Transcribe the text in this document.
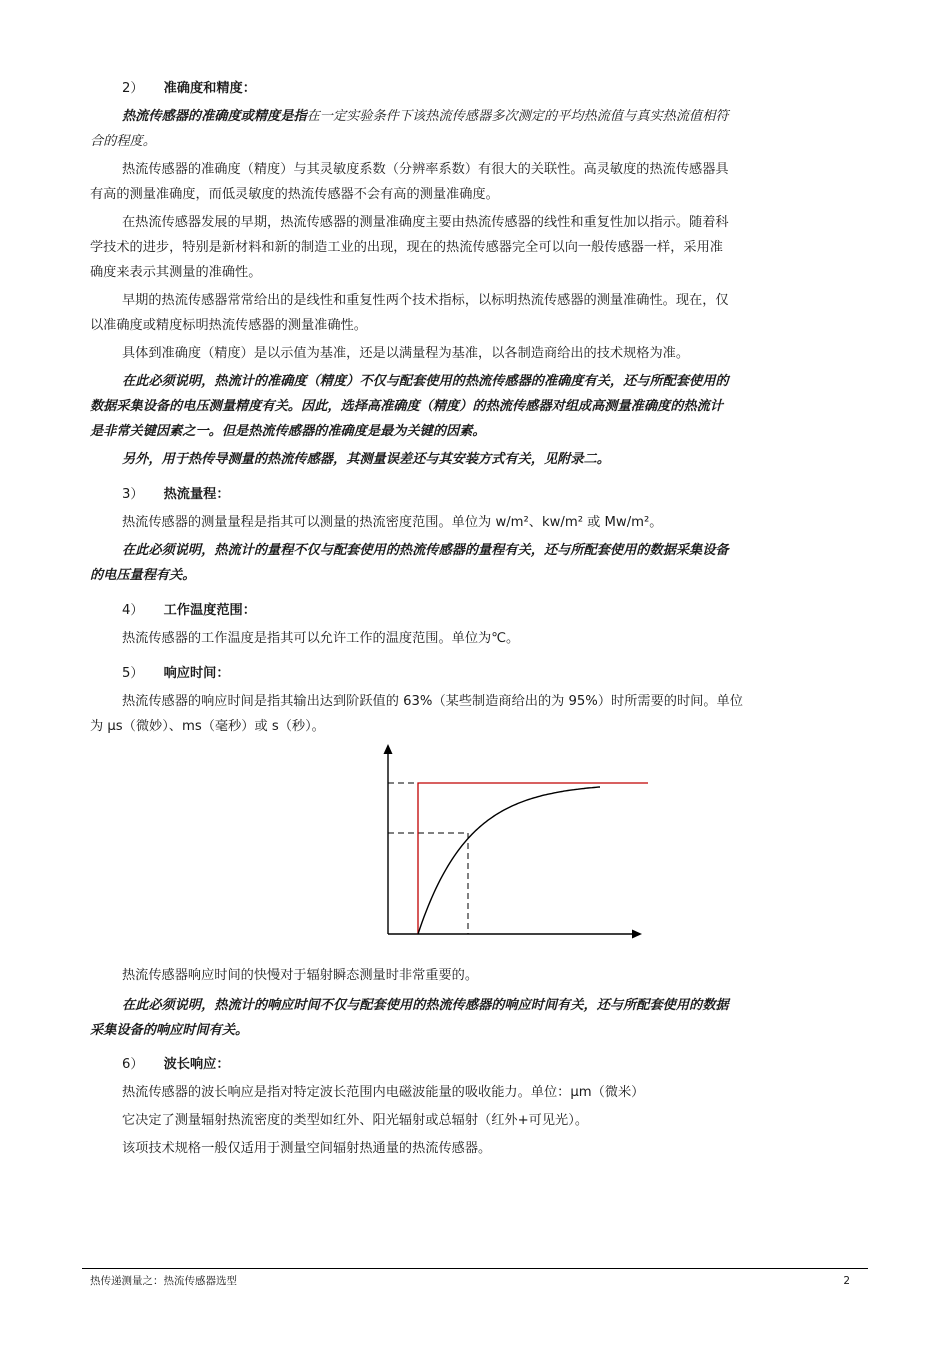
2） 准确度和精度：
热流传感器的准确度或精度是指在一定实验条件下该热流传感器多次测定的平均热流值与真实热流值相符
合的程度。
热流传感器的准确度（精度）与其灵敏度系数（分辨率系数）有很大的关联性。高灵敏度的热流传感器具
有高的测量准确度，而低灵敏度的热流传感器不会有高的测量准确度。
在热流传感器发展的早期，热流传感器的测量准确度主要由热流传感器的线性和重复性加以指示。随着科
学技术的进步，特别是新材料和新的制造工业的出现，现在的热流传感器完全可以向一般传感器一样，采用准
确度来表示其测量的准确性。
早期的热流传感器常常给出的是线性和重复性两个技术指标，以标明热流传感器的测量准确性。现在，仅
以准确度或精度标明热流传感器的测量准确性。
具体到准确度（精度）是以示值为基准，还是以满量程为基准，以各制造商给出的技术规格为准。
在此必须说明，热流计的准确度（精度）不仅与配套使用的热流传感器的准确度有关，还与所配套使用的
数据采集设备的电压测量精度有关。因此，选择高准确度（精度）的热流传感器对组成高测量准确度的热流计
是非常关键因素之一。但是热流传感器的准确度是最为关键的因素。
另外，用于热传导测量的热流传感器，其测量误差还与其安装方式有关，见附录二。
3） 热流量程：
热流传感器的测量量程是指其可以测量的热流密度范围。单位为 w/m²、kw/m² 或 Mw/m²。
在此必须说明，热流计的量程不仅与配套使用的热流传感器的量程有关，还与所配套使用的数据采集设备
的电压量程有关。
4） 工作温度范围：
热流传感器的工作温度是指其可以允许工作的温度范围。单位为℃。
5） 响应时间：
热流传感器的响应时间是指其输出达到阶跃值的 63%（某些制造商给出的为 95%）时所需要的时间。单位
为 μs（微妙）、ms（毫秒）或 s（秒）。
热流传感器响应时间的快慢对于辐射瞬态测量时非常重要的。
在此必须说明，热流计的响应时间不仅与配套使用的热流传感器的响应时间有关，还与所配套使用的数据
采集设备的响应时间有关。
6） 波长响应：
热流传感器的波长响应是指对特定波长范围内电磁波能量的吸收能力。单位：μm（微米）
它决定了测量辐射热流密度的类型如红外、阳光辐射或总辐射（红外+可见光）。
该项技术规格一般仅适用于测量空间辐射热通量的热流传感器。
热传递测量之：热流传感器选型	2
